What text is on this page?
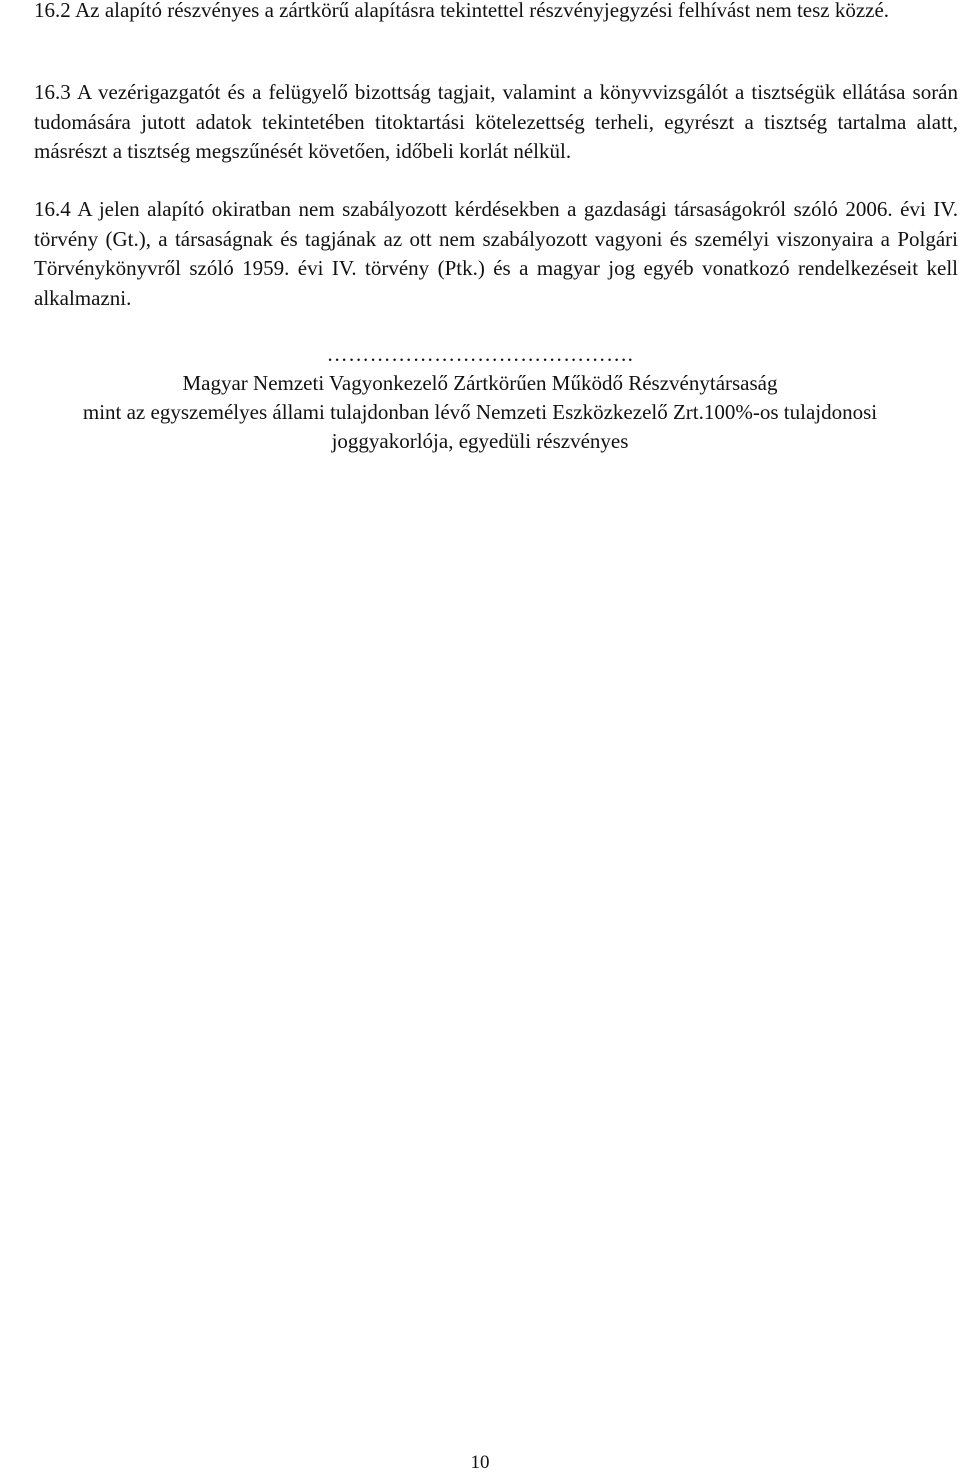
16.2 Az alapító részvényes a zártkörű alapításra tekintettel részvényjegyzési felhívást nem tesz közzé.

16.3 A vezérigazgatót és a felügyelő bizottság tagjait, valamint a könyvvizsgálót a tisztségük ellátása során tudomására jutott adatok tekintetében titoktartási kötelezettség terheli, egyrészt a tisztség tartalma alatt, másrészt a tisztség megszűnését követően, időbeli korlát nélkül.

16.4 A jelen alapító okiratban nem szabályozott kérdésekben a gazdasági társaságokról szóló 2006. évi IV. törvény (Gt.), a társaságnak és tagjának az ott nem szabályozott vagyoni és személyi viszonyaira a Polgári Törvénykönyvről szóló 1959. évi IV. törvény (Ptk.) és a magyar jog egyéb vonatkozó rendelkezéseit kell alkalmazni.

…………………………………….
Magyar Nemzeti Vagyonkezelő Zártkörűen Működő Részvénytársaság
mint az egyszemélyes állami tulajdonban lévő Nemzeti Eszközkezelő Zrt.100%-os tulajdonosi
joggyakorlója, egyedüli részvényes
10
